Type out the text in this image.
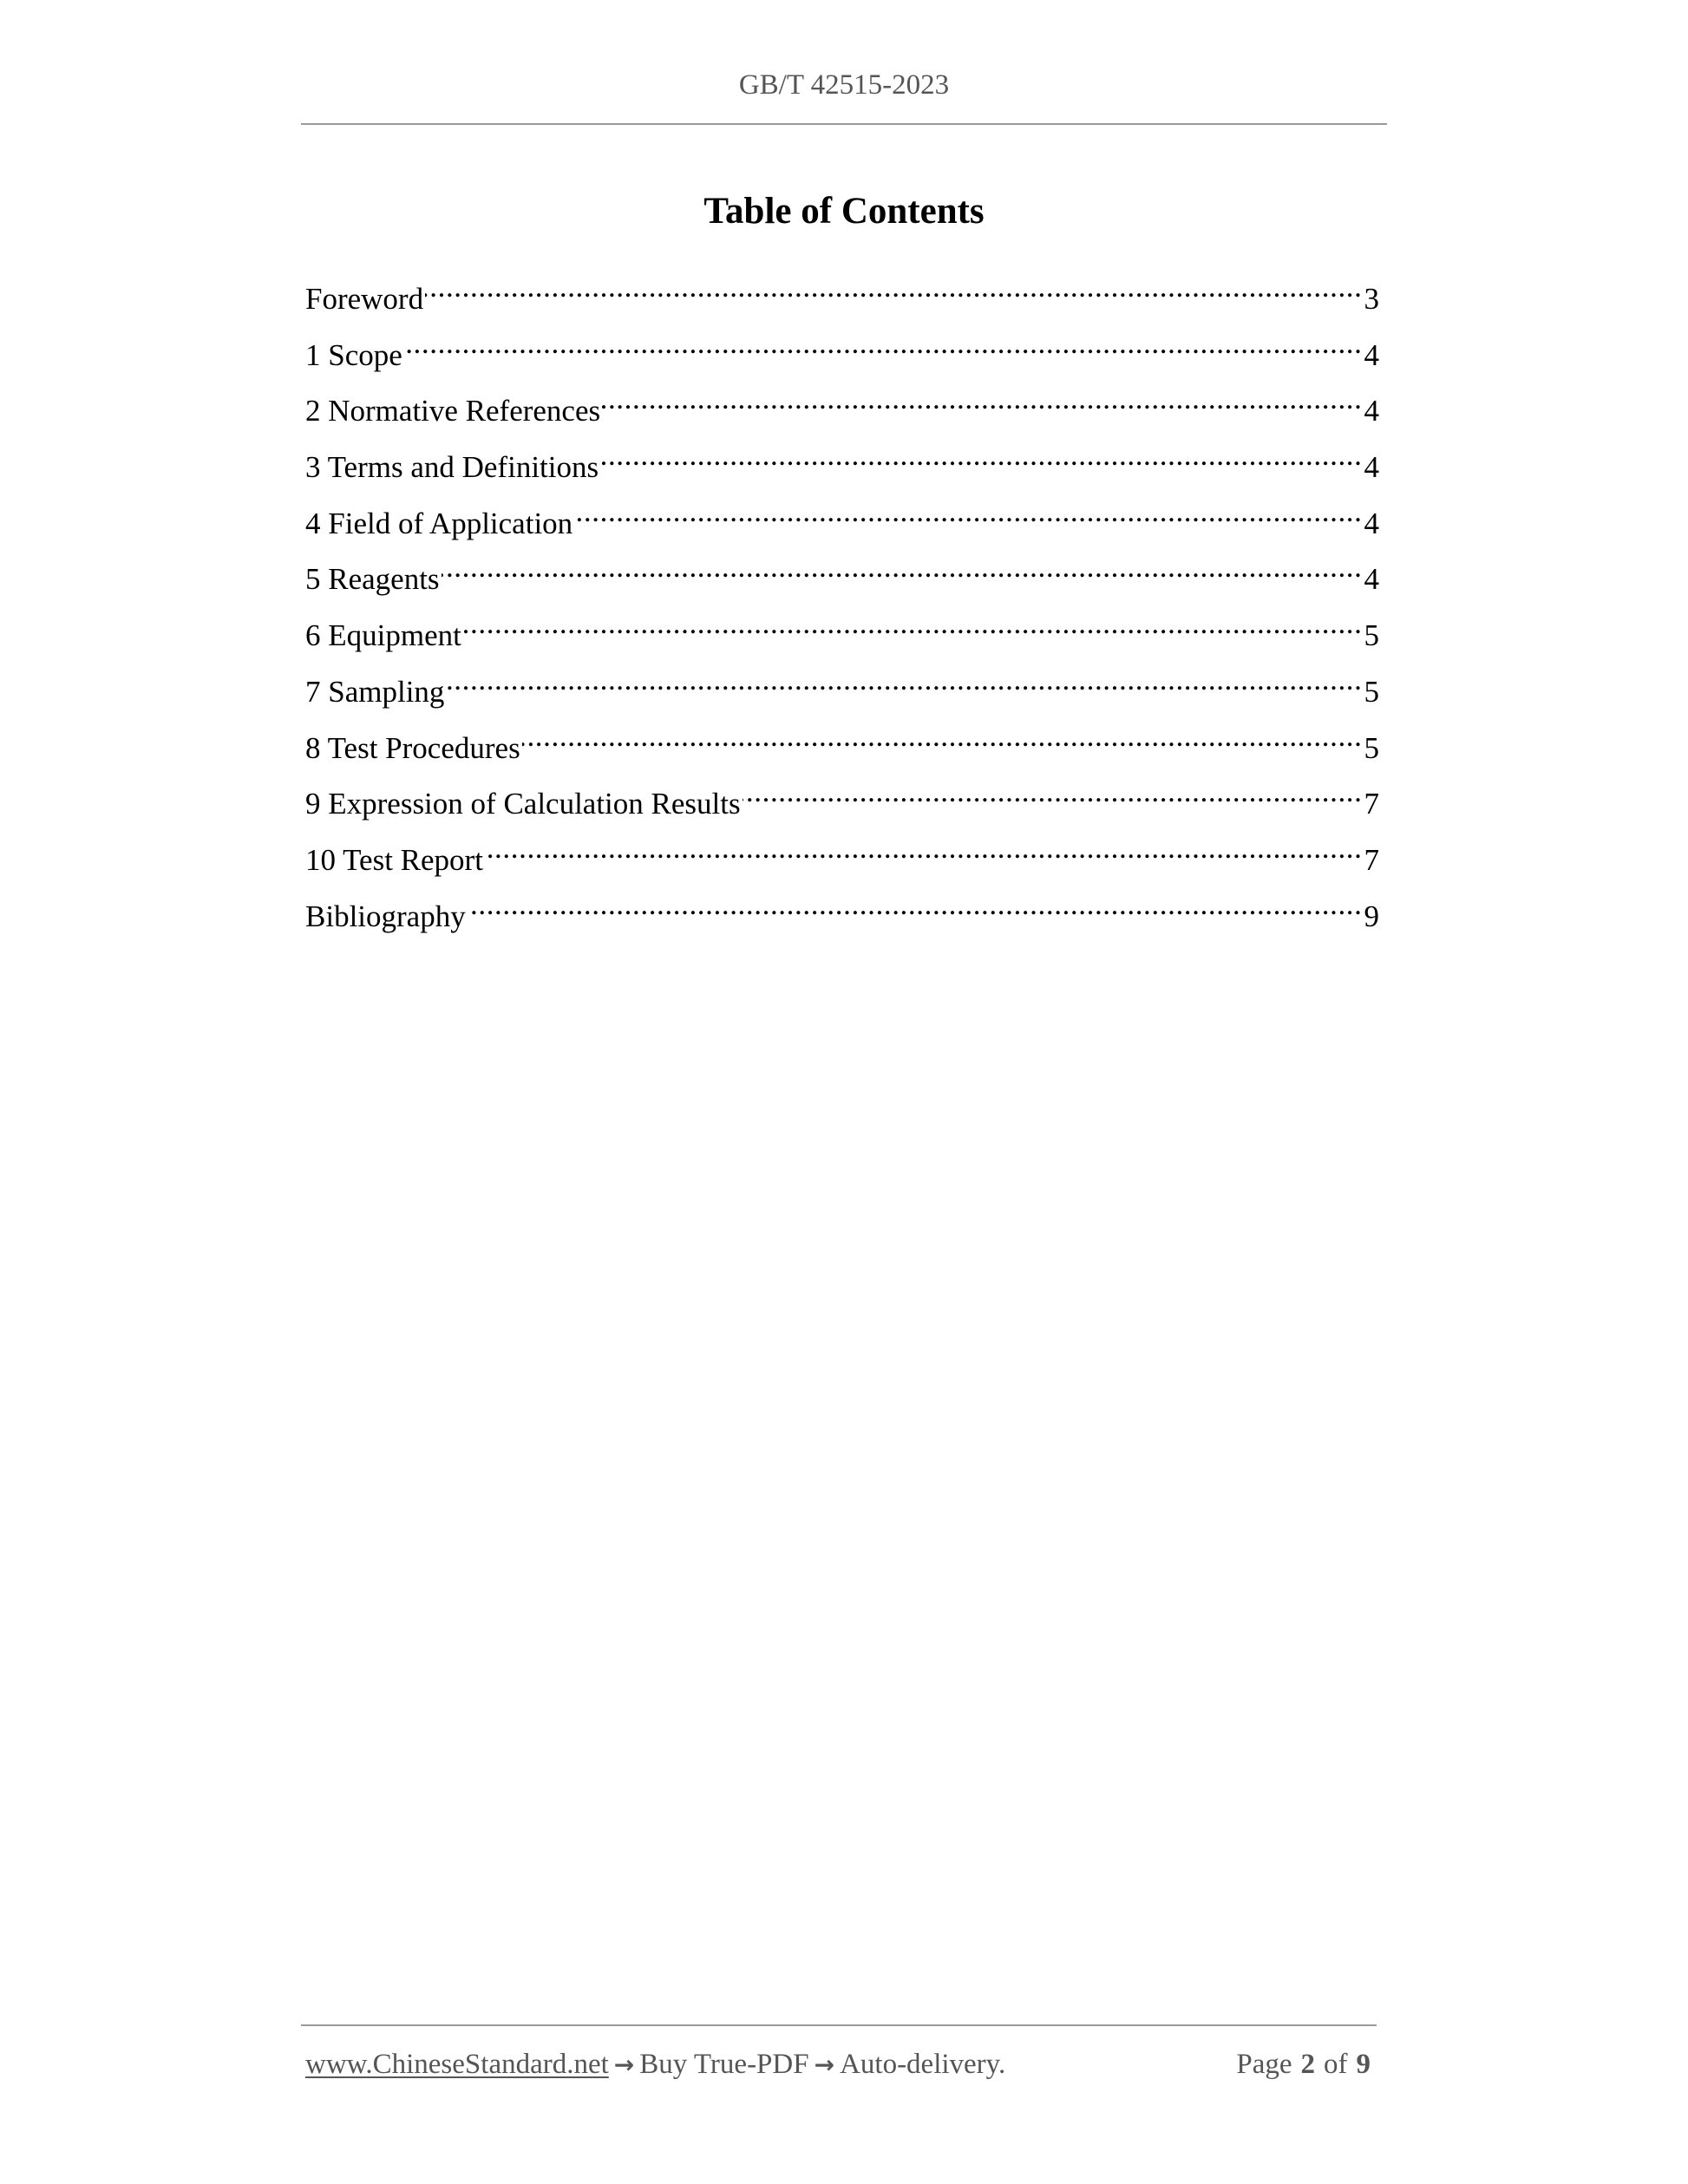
GB/T 42515-2023
Table of Contents
Foreword .....	3
1 Scope .....	4
2 Normative References .....	4
3 Terms and Definitions .....	4
4 Field of Application .....	4
5 Reagents .....	4
6 Equipment .....	5
7 Sampling .....	5
8 Test Procedures .....	5
9 Expression of Calculation Results .....	7
10 Test Report .....	7
Bibliography .....	9
www.ChineseStandard.net → Buy True-PDF → Auto-delivery.	Page 2 of 9
